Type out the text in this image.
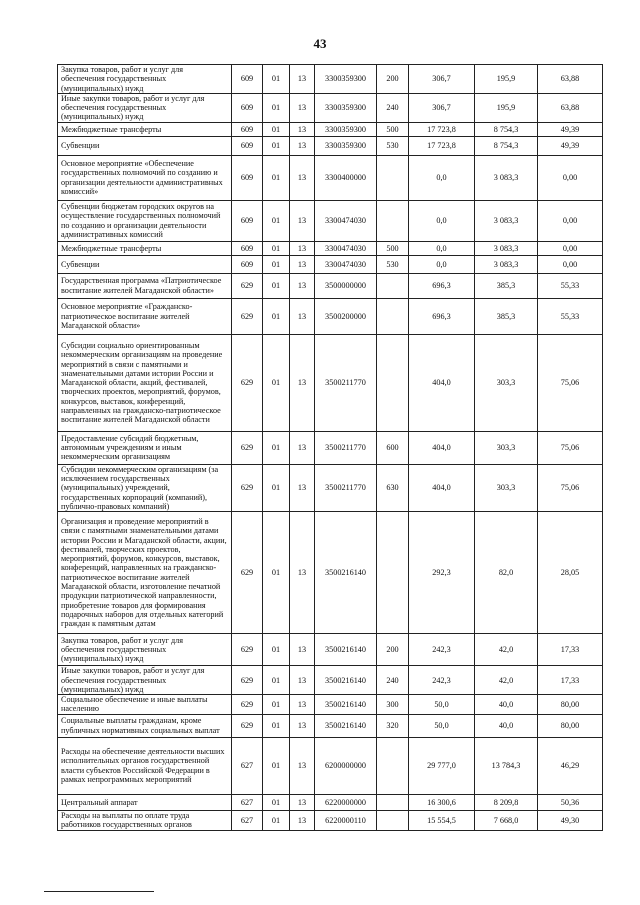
43
Закупка товаров, работ и услуг для обеспечения государственных (муниципальных) нужд	609	01	13	3300359300	200	306,7	195,9	63,88
Иные закупки товаров, работ и услуг для обеспечения государственных (муниципальных) нужд	609	01	13	3300359300	240	306,7	195,9	63,88
Межбюджетные трансферты	609	01	13	3300359300	500	17 723,8	8 754,3	49,39
Субвенции	609	01	13	3300359300	530	17 723,8	8 754,3	49,39
Основное мероприятие «Обеспечение государственных полномочий по созданию и организации деятельности административных комиссий»	609	01	13	3300400000		0,0	3 083,3	0,00
Субвенции бюджетам городских округов на осуществление государственных полномочий по созданию и организации деятельности административных комиссий	609	01	13	3300474030		0,0	3 083,3	0,00
Межбюджетные трансферты	609	01	13	3300474030	500	0,0	3 083,3	0,00
Субвенции	609	01	13	3300474030	530	0,0	3 083,3	0,00
Государственная программа «Патриотическое воспитание жителей Магаданской области»	629	01	13	3500000000		696,3	385,3	55,33
Основное мероприятие «Гражданско-патриотическое воспитание жителей Магаданской области»	629	01	13	3500200000		696,3	385,3	55,33
Субсидии социально ориентированным некоммерческим организациям на проведение мероприятий в связи с памятными и знаменательными датами истории России и Магаданской области, акций, фестивалей, творческих проектов, мероприятий, форумов, конкурсов, выставок, конференций, направленных на гражданско-патриотическое воспитание жителей Магаданской области	629	01	13	3500211770		404,0	303,3	75,06
Предоставление субсидий бюджетным, автономным учреждениям и иным некоммерческим организациям	629	01	13	3500211770	600	404,0	303,3	75,06
Субсидии некоммерческим организациям (за исключением государственных (муниципальных) учреждений, государственных корпораций (компаний), публично-правовых компаний)	629	01	13	3500211770	630	404,0	303,3	75,06
Организация и проведение мероприятий в связи с памятными знаменательными датами истории России и Магаданской области, акции, фестивалей, творческих проектов, мероприятий, форумов, конкурсов, выставок, конференций, направленных на гражданско-патриотическое воспитание жителей Магаданской области, изготовление печатной продукции патриотической направленности, приобретение товаров для формирования подарочных наборов для отдельных категорий граждан к памятным датам	629	01	13	3500216140		292,3	82,0	28,05
Закупка товаров, работ и услуг для обеспечения государственных (муниципальных) нужд	629	01	13	3500216140	200	242,3	42,0	17,33
Иные закупки товаров, работ и услуг для обеспечения государственных (муниципальных) нужд	629	01	13	3500216140	240	242,3	42,0	17,33
Социальное обеспечение и иные выплаты населению	629	01	13	3500216140	300	50,0	40,0	80,00
Социальные выплаты гражданам, кроме публичных нормативных социальных выплат	629	01	13	3500216140	320	50,0	40,0	80,00
Расходы на обеспечение деятельности высших исполнительных органов государственной власти субъектов Российской Федерации в рамках непрограммных мероприятий	627	01	13	6200000000		29 777,0	13 784,3	46,29
Центральный аппарат	627	01	13	6220000000		16 300,6	8 209,8	50,36
Расходы на выплаты по оплате труда работников государственных органов	627	01	13	6220000110		15 554,5	7 668,0	49,30
